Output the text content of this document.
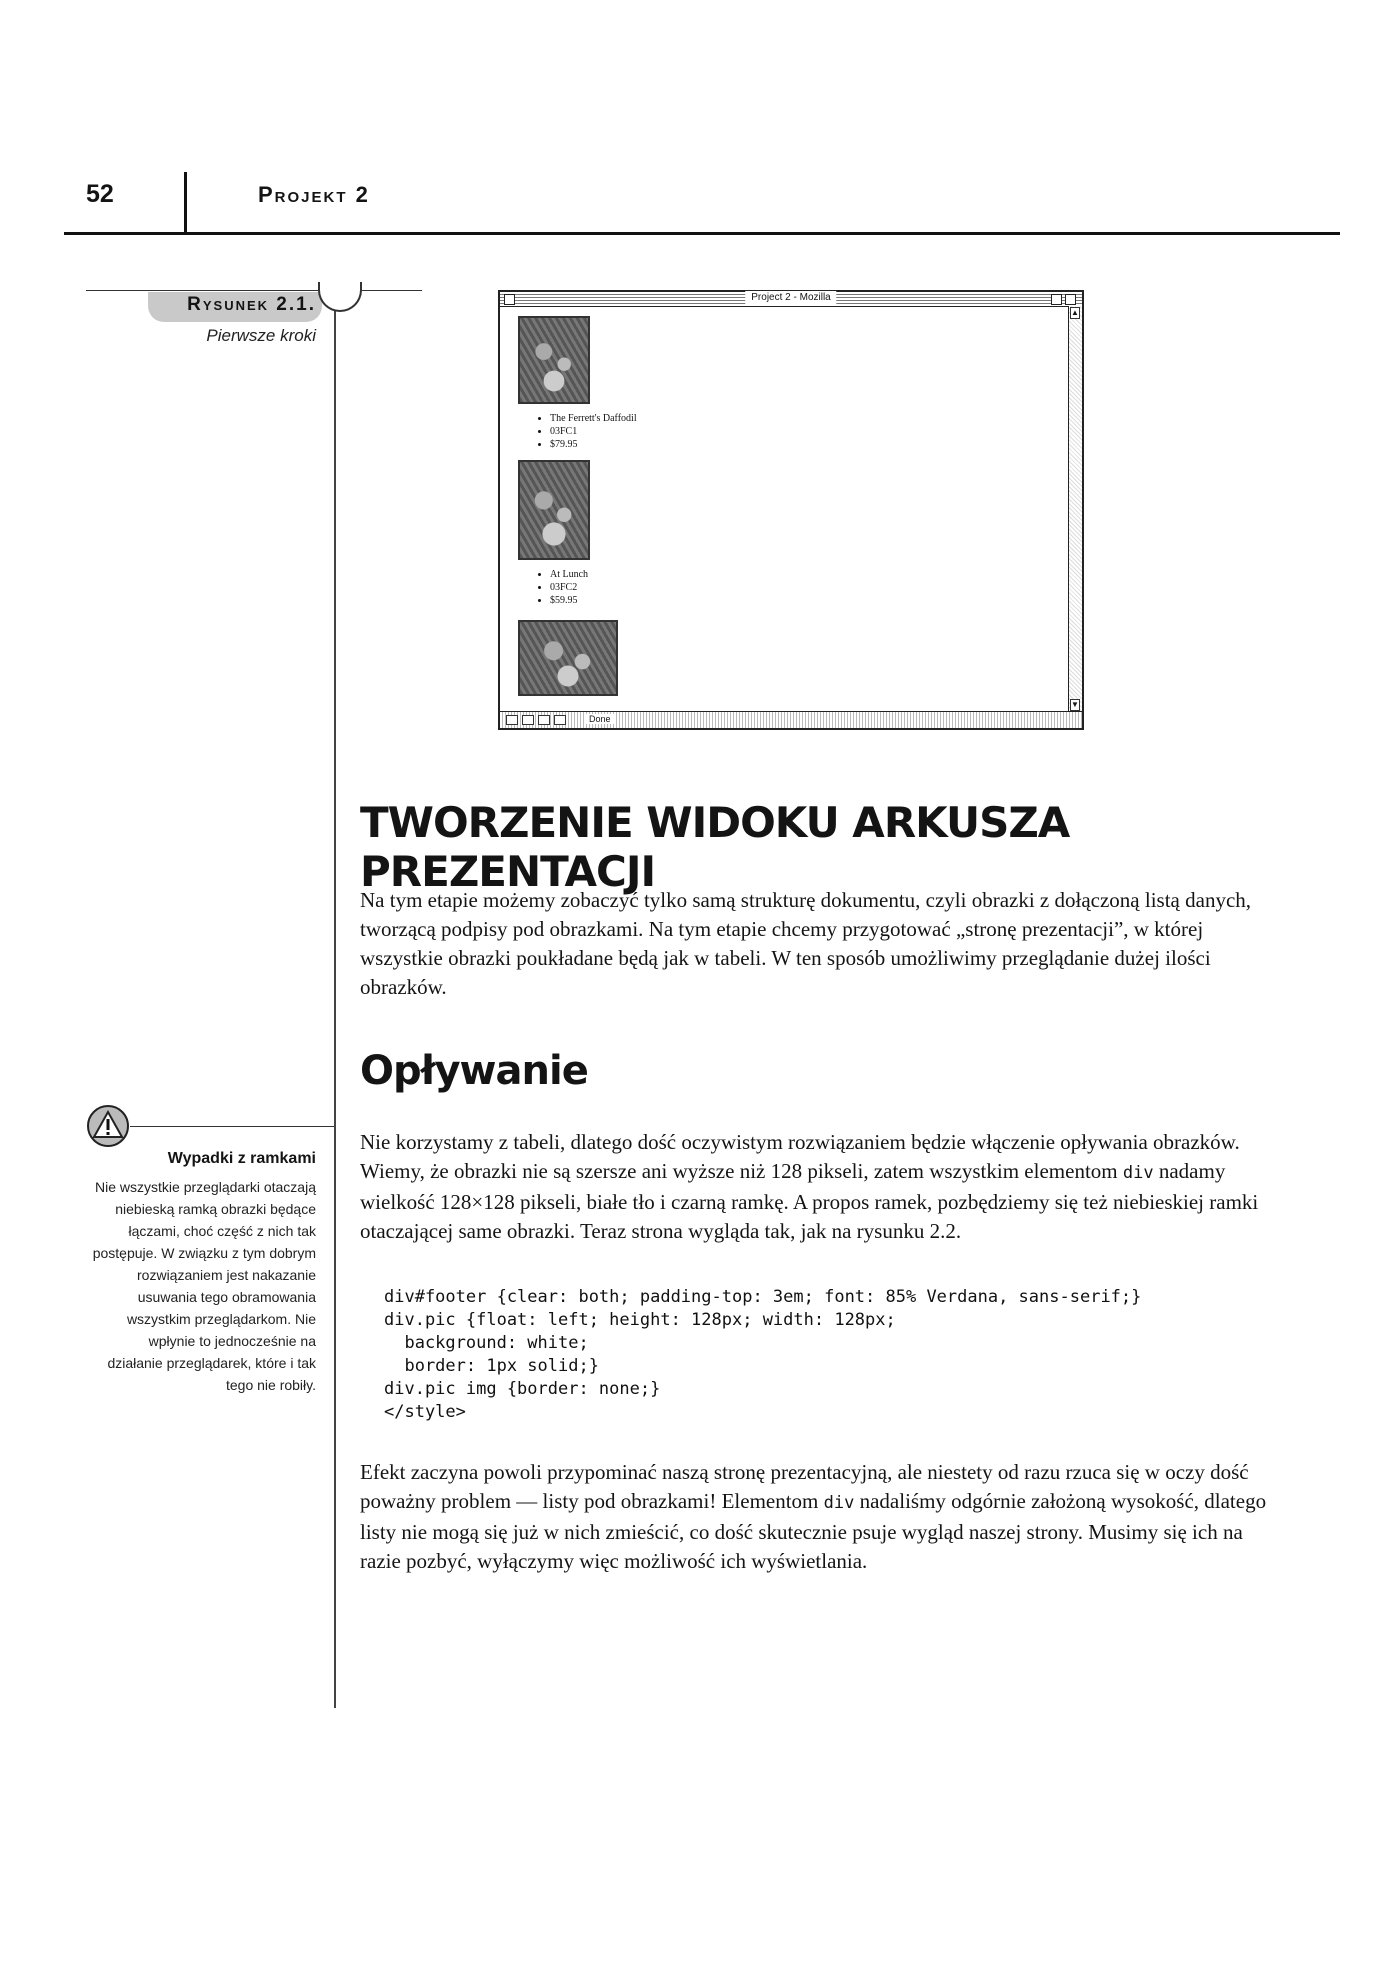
52	Projekt 2
Rysunek 2.1.
Pierwsze kroki
Wypadki z ramkami
Nie wszystkie przeglądarki otaczają niebieską ramką obrazki będące łączami, choć część z nich tak postępuje. W związku z tym dobrym rozwiązaniem jest nakazanie usuwania tego obramowania wszystkim przeglądarkom. Nie wpłynie to jednocześnie na działanie przeglądarek, które i tak tego nie robiły.
Project 2 - Mozilla
• The Ferrett's Daffodil
• 03FC1
• $79.95
• At Lunch
• 03FC2
• $59.95
▲
▼
Done
TWORZENIE WIDOKU ARKUSZA PREZENTACJI

Na tym etapie możemy zobaczyć tylko samą strukturę dokumentu, czyli obrazki z dołączoną listą danych, tworzącą podpisy pod obrazkami. Na tym etapie chcemy przygotować „stronę prezentacji”, w której wszystkie obrazki poukładane będą jak w tabeli. W ten sposób umożliwimy przeglądanie dużej ilości obrazków.

Opływanie

Nie korzystamy z tabeli, dlatego dość oczywistym rozwiązaniem będzie włączenie opływania obrazków. Wiemy, że obrazki nie są szersze ani wyższe niż 128 pikseli, zatem wszystkim elementom div nadamy wielkość 128×128 pikseli, białe tło i czarną ramkę. A propos ramek, pozbędziemy się też niebieskiej ramki otaczającej same obrazki. Teraz strona wygląda tak, jak na rysunku 2.2.

div#footer {clear: both; padding-top: 3em; font: 85% Verdana, sans-serif;}
div.pic {float: left; height: 128px; width: 128px;
background: white;
border: 1px solid;}
div.pic img {border: none;}
</style>

Efekt zaczyna powoli przypominać naszą stronę prezentacyjną, ale niestety od razu rzuca się w oczy dość poważny problem — listy pod obrazkami! Elementom div nadaliśmy odgórnie założoną wysokość, dlatego listy nie mogą się już w nich zmieścić, co dość skutecznie psuje wygląd naszej strony. Musimy się ich na razie pozbyć, wyłączymy więc możliwość ich wyświetlania.
